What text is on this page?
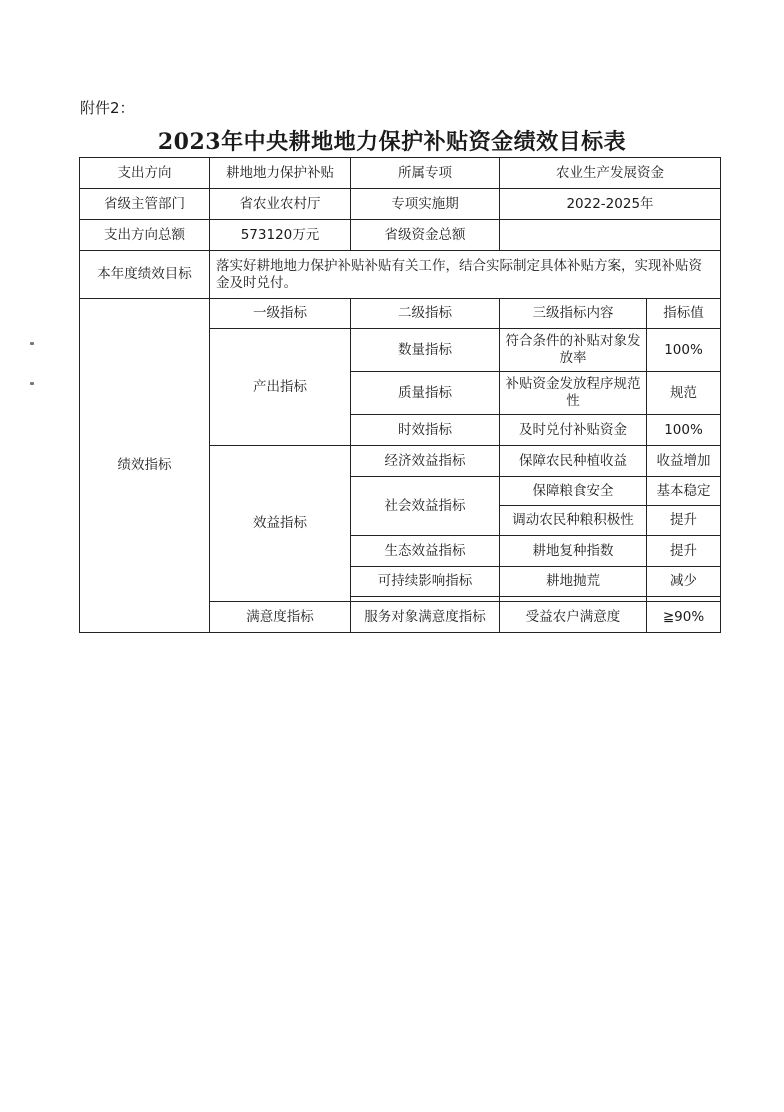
附件2：
2023年中央耕地地力保护补贴资金绩效目标表
支出方向	耕地地力保护补贴	所属专项	农业生产发展资金		
省级主管部门	省农业农村厅	专项实施期	2022-2025年		
支出方向总额	573120万元	省级资金总额			
本年度绩效目标	落实好耕地地力保护补贴补贴有关工作，结合实际制定具体补贴方案，实现补贴资金及时兑付。				
绩效指标	一级指标	二级指标	三级指标内容	指标值	
	产出指标	数量指标	符合条件的补贴对象发放率	100%	
		质量指标	补贴资金发放程序规范性	规范	
		时效指标	及时兑付补贴资金	100%	
	效益指标	经济效益指标	保障农民种植收益	收益增加	
		社会效益指标	保障粮食安全	基本稳定	
			调动农民种粮积极性	提升	
		生态效益指标	耕地复种指数	提升	
		可持续影响指标	耕地抛荒	减少	

	满意度指标	服务对象满意度指标	受益农户满意度	≧90%	
